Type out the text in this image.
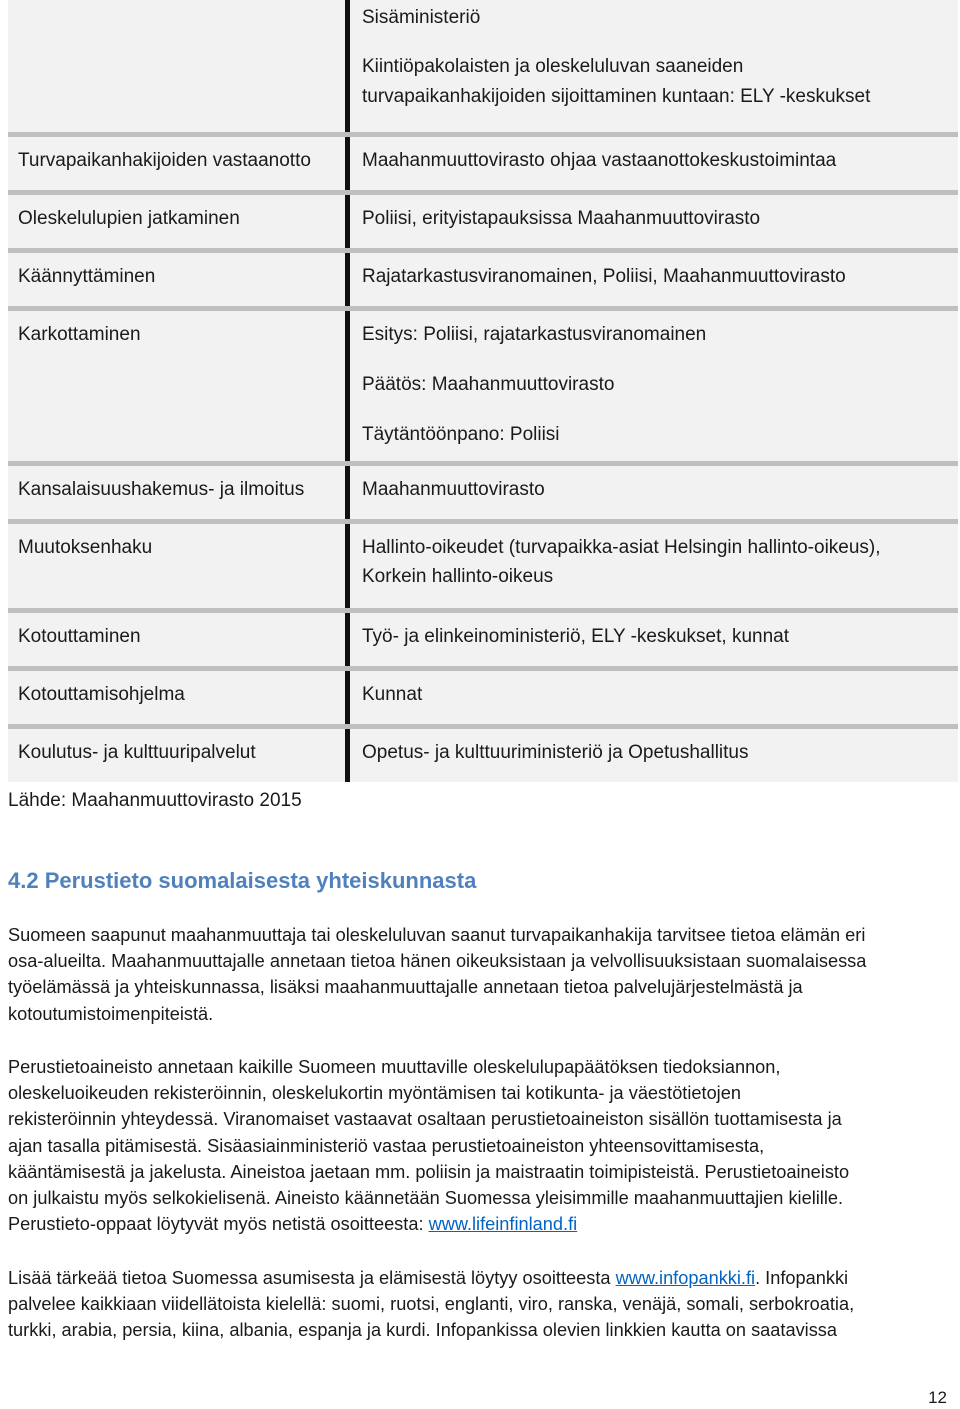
Sisäministeriö
Kiintiöpakolaisten ja oleskeluluvan saaneiden
turvapaikanhakijoiden sijoittaminen kuntaan: ELY -keskukset
Turvapaikanhakijoiden vastaanotto	Maahanmuuttovirasto ohjaa vastaanottokeskustoimintaa
Oleskelulupien jatkaminen	Poliisi, erityistapauksissa Maahanmuuttovirasto
Käännyttäminen	Rajatarkastusviranomainen, Poliisi, Maahanmuuttovirasto
Karkottaminen	Esitys: Poliisi, rajatarkastusviranomainen
Päätös: Maahanmuuttovirasto
Täytäntöönpano: Poliisi
Kansalaisuushakemus- ja ilmoitus	Maahanmuuttovirasto
Muutoksenhaku	Hallinto-oikeudet (turvapaikka-asiat Helsingin hallinto-oikeus),
Korkein hallinto-oikeus
Kotouttaminen	Työ- ja elinkeinoministeriö, ELY -keskukset, kunnat
Kotouttamisohjelma	Kunnat
Koulutus- ja kulttuuripalvelut	Opetus- ja kulttuuriministeriö ja Opetushallitus
Lähde: Maahanmuuttovirasto 2015
4.2 Perustieto suomalaisesta yhteiskunnasta
Suomeen saapunut maahanmuuttaja tai oleskeluluvan saanut turvapaikanhakija tarvitsee tietoa elämän eri
osa-alueilta. Maahanmuuttajalle annetaan tietoa hänen oikeuksistaan ja velvollisuuksistaan suomalaisessa
työelämässä ja yhteiskunnassa, lisäksi maahanmuuttajalle annetaan tietoa palvelujärjestelmästä ja
kotoutumistoimenpiteistä.
Perustietoaineisto annetaan kaikille Suomeen muuttaville oleskelulupapäätöksen tiedoksiannon,
oleskeluoikeuden rekisteröinnin, oleskelukortin myöntämisen tai kotikunta- ja väestötietojen
rekisteröinnin yhteydessä. Viranomaiset vastaavat osaltaan perustietoaineiston sisällön tuottamisesta ja
ajan tasalla pitämisestä. Sisäasiainministeriö vastaa perustietoaineiston yhteensovittamisesta,
kääntämisestä ja jakelusta. Aineistoa jaetaan mm. poliisin ja maistraatin toimipisteistä. Perustietoaineisto
on julkaistu myös selkokielisenä. Aineisto käännetään Suomessa yleisimmille maahanmuuttajien kielille.
Perustieto-oppaat löytyvät myös netistä osoitteesta: www.lifeinfinland.fi
Lisää tärkeää tietoa Suomessa asumisesta ja elämisestä löytyy osoitteesta www.infopankki.fi. Infopankki
palvelee kaikkiaan viidellätoista kielellä: suomi, ruotsi, englanti, viro, ranska, venäjä, somali, serbokroatia,
turkki, arabia, persia, kiina, albania, espanja ja kurdi. Infopankissa olevien linkkien kautta on saatavissa
12
